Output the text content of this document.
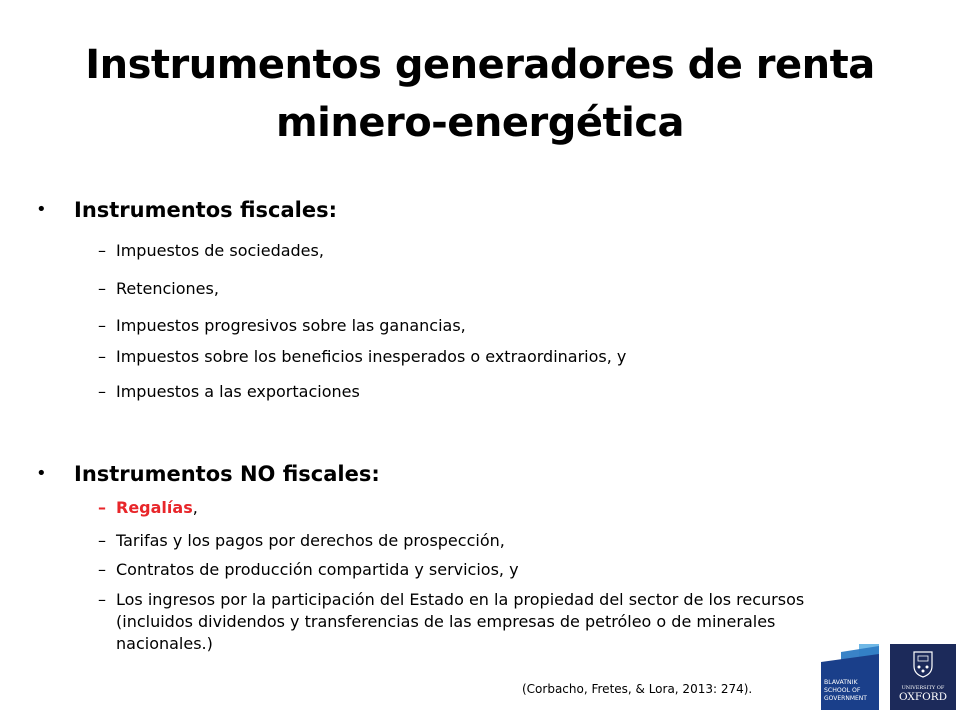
Instrumentos generadores de renta minero-energética
• Instrumentos fiscales:
– Impuestos de sociedades,
– Retenciones,
– Impuestos progresivos sobre las ganancias,
– Impuestos sobre los beneficios inesperados o extraordinarios, y
– Impuestos a las exportaciones
• Instrumentos NO fiscales:
– Regalías,
– Tarifas y los pagos por derechos de prospección,
– Contratos de producción compartida y servicios, y
– Los ingresos por la participación del Estado en la propiedad del sector de los recursos (incluidos dividendos y transferencias de las empresas de petróleo o de minerales nacionales.)
(Corbacho, Fretes, & Lora, 2013: 274).	BLAVATNIK
SCHOOL OF
GOVERNMENT
UNIVERSITY OF
OXFORD
